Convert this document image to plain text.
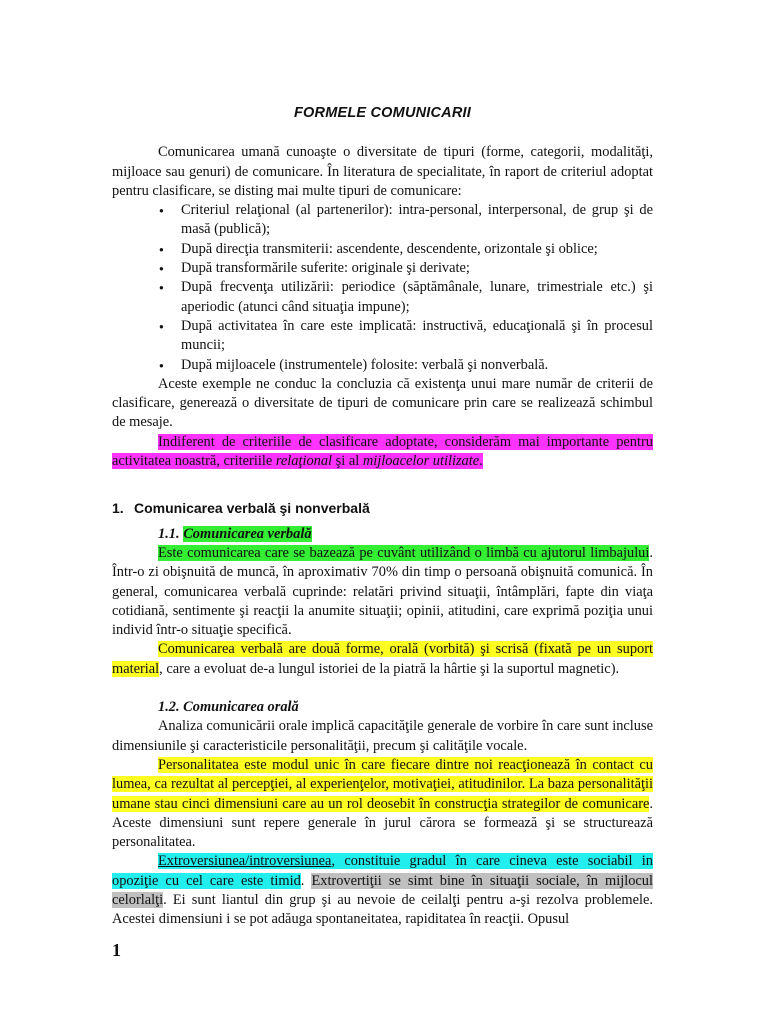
FORMELE COMUNICARII

Comunicarea umană cunoaşte o diversitate de tipuri (forme, categorii, modalităţi, mijloace sau genuri) de comunicare. În literatura de specialitate, în raport de criteriul adoptat pentru clasificare, se disting mai multe tipuri de comunicare:

● Criteriul relaţional (al partenerilor): intra-personal, interpersonal, de grup şi de masă (publică);
● După direcţia transmiterii: ascendente, descendente, orizontale şi oblice;
● După transformările suferite: originale şi derivate;
● După frecvenţa utilizării: periodice (săptămânale, lunare, trimestriale etc.) şi aperiodic (atunci când situaţia impune);
● După activitatea în care este implicată: instructivă, educaţională şi în procesul muncii;
● După mijloacele (instrumentele) folosite: verbală şi nonverbală.

Aceste exemple ne conduc la concluzia că existenţa unui mare număr de criterii de clasificare, generează o diversitate de tipuri de comunicare prin care se realizează schimbul de mesaje.

Indiferent de criteriile de clasificare adoptate, considerăm mai importante pentru activitatea noastră, criteriile relaţional şi al mijloacelor utilizate.

1. Comunicarea verbală şi nonverbală
1.1. Comunicarea verbală

Este comunicarea care se bazează pe cuvânt utilizând o limbă cu ajutorul limbajului. Într-o zi obişnuită de muncă, în aproximativ 70% din timp o persoană obişnuită comunică. În general, comunicarea verbală cuprinde: relatări privind situaţii, întâmplări, fapte din viaţa cotidiană, sentimente şi reacţii la anumite situaţii; opinii, atitudini, care exprimă poziţia unui individ într-o situaţie specifică.

Comunicarea verbală are două forme, orală (vorbită) şi scrisă (fixată pe un suport material, care a evoluat de-a lungul istoriei de la piatră la hârtie şi la suportul magnetic).

1.2. Comunicarea orală

Analiza comunicării orale implică capacităţile generale de vorbire în care sunt incluse dimensiunile şi caracteristicile personalităţii, precum şi calităţile vocale.

Personalitatea este modul unic în care fiecare dintre noi reacţionează în contact cu lumea, ca rezultat al percepţiei, al experienţelor, motivaţiei, atitudinilor. La baza personalităţii umane stau cinci dimensiuni care au un rol deosebit în construcţia strategilor de comunicare. Aceste dimensiuni sunt repere generale în jurul cărora se formează şi se structurează personalitatea.

Extroversiunea/introversiunea, constituie gradul în care cineva este sociabil in opoziţie cu cel care este timid. Extrovertiţii se simt bine în situaţii sociale, în mijlocul celorlalţi. Ei sunt liantul din grup şi au nevoie de ceilalţi pentru a-şi rezolva problemele. Acestei dimensiuni i se pot adăuga spontaneitatea, rapiditatea în reacţii. Opusul

1
